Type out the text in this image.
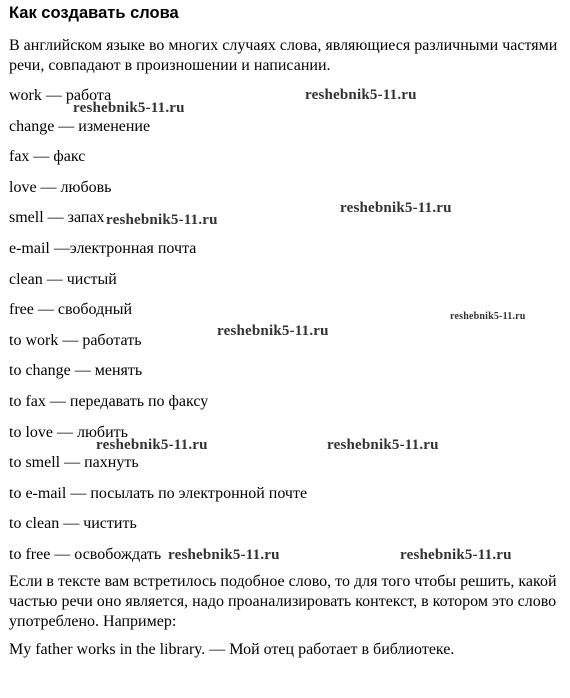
Как создавать слова

В английском языке во многих случаях слова, являющиеся различными частями речи, совпадают в произношении и написании.

work — работа
change — изменение
fax — факс
love — любовь
smell — запах
e-mail —электронная почта
clean — чистый
free — свободный
to work — работать
to change — менять
to fax — передавать по факсу
to love — любить
to smell — пахнуть
to e-mail — посылать по электронной почте
to clean — чистить
to free — освобождать

Если в тексте вам встретилось подобное слово, то для того чтобы решить, какой частью речи оно является, надо проанализировать контекст, в котором это слово употреблено. Например:

My father works in the library. — Мой отец работает в библиотеке.

reshebnik5-11.ru
reshebnik5-11.ru
reshebnik5-11.ru
reshebnik5-11.ru
reshebnik5-11.ru
reshebnik5-11.ru
reshebnik5-11.ru	reshebnik5-11.ru
reshebnik5-11.ru	reshebnik5-11.ru
